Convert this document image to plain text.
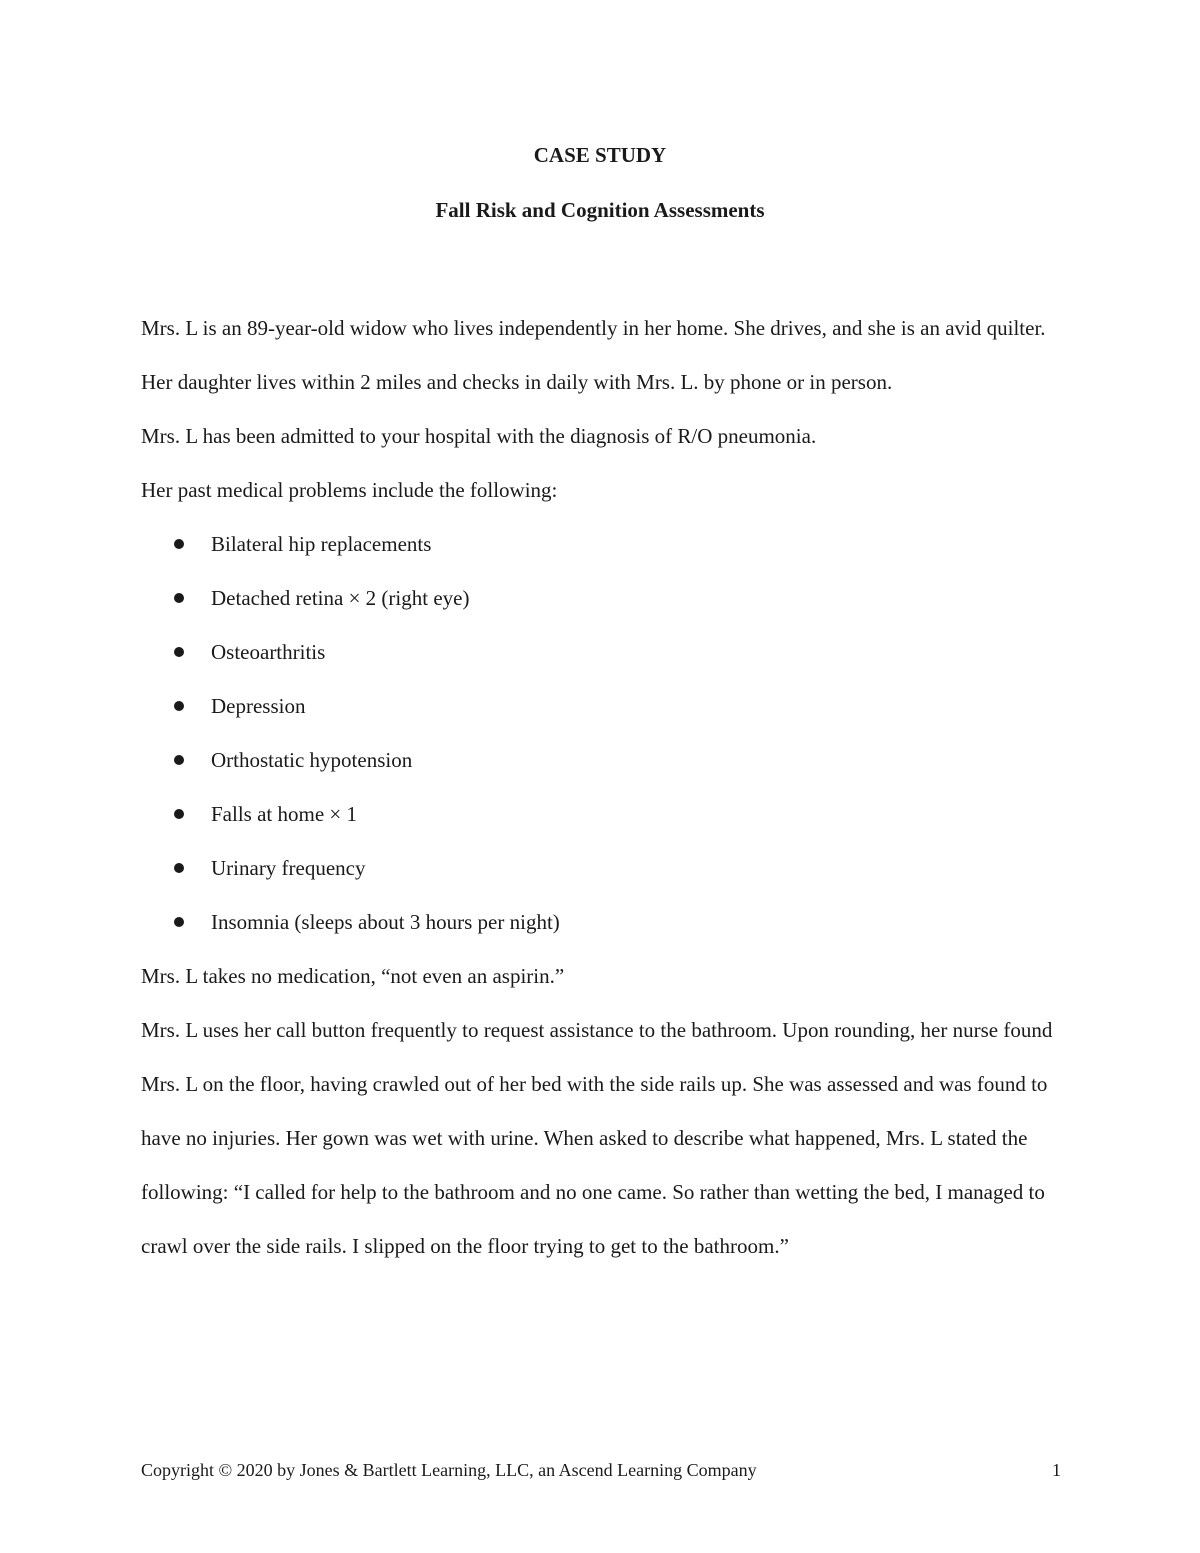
CASE STUDY
Fall Risk and Cognition Assessments

Mrs. L is an 89-year-old widow who lives independently in her home. She drives, and she is an avid quilter. Her daughter lives within 2 miles and checks in daily with Mrs. L. by phone or in person.

Mrs. L has been admitted to your hospital with the diagnosis of R/O pneumonia.

Her past medical problems include the following:

Bilateral hip replacements
Detached retina × 2 (right eye)
Osteoarthritis
Depression
Orthostatic hypotension
Falls at home × 1
Urinary frequency
Insomnia (sleeps about 3 hours per night)

Mrs. L takes no medication, “not even an aspirin.”

Mrs. L uses her call button frequently to request assistance to the bathroom. Upon rounding, her nurse found Mrs. L on the floor, having crawled out of her bed with the side rails up. She was assessed and was found to have no injuries. Her gown was wet with urine. When asked to describe what happened, Mrs. L stated the following: “I called for help to the bathroom and no one came. So rather than wetting the bed, I managed to crawl over the side rails. I slipped on the floor trying to get to the bathroom.”

Copyright © 2020 by Jones & Bartlett Learning, LLC, an Ascend Learning Company	1
